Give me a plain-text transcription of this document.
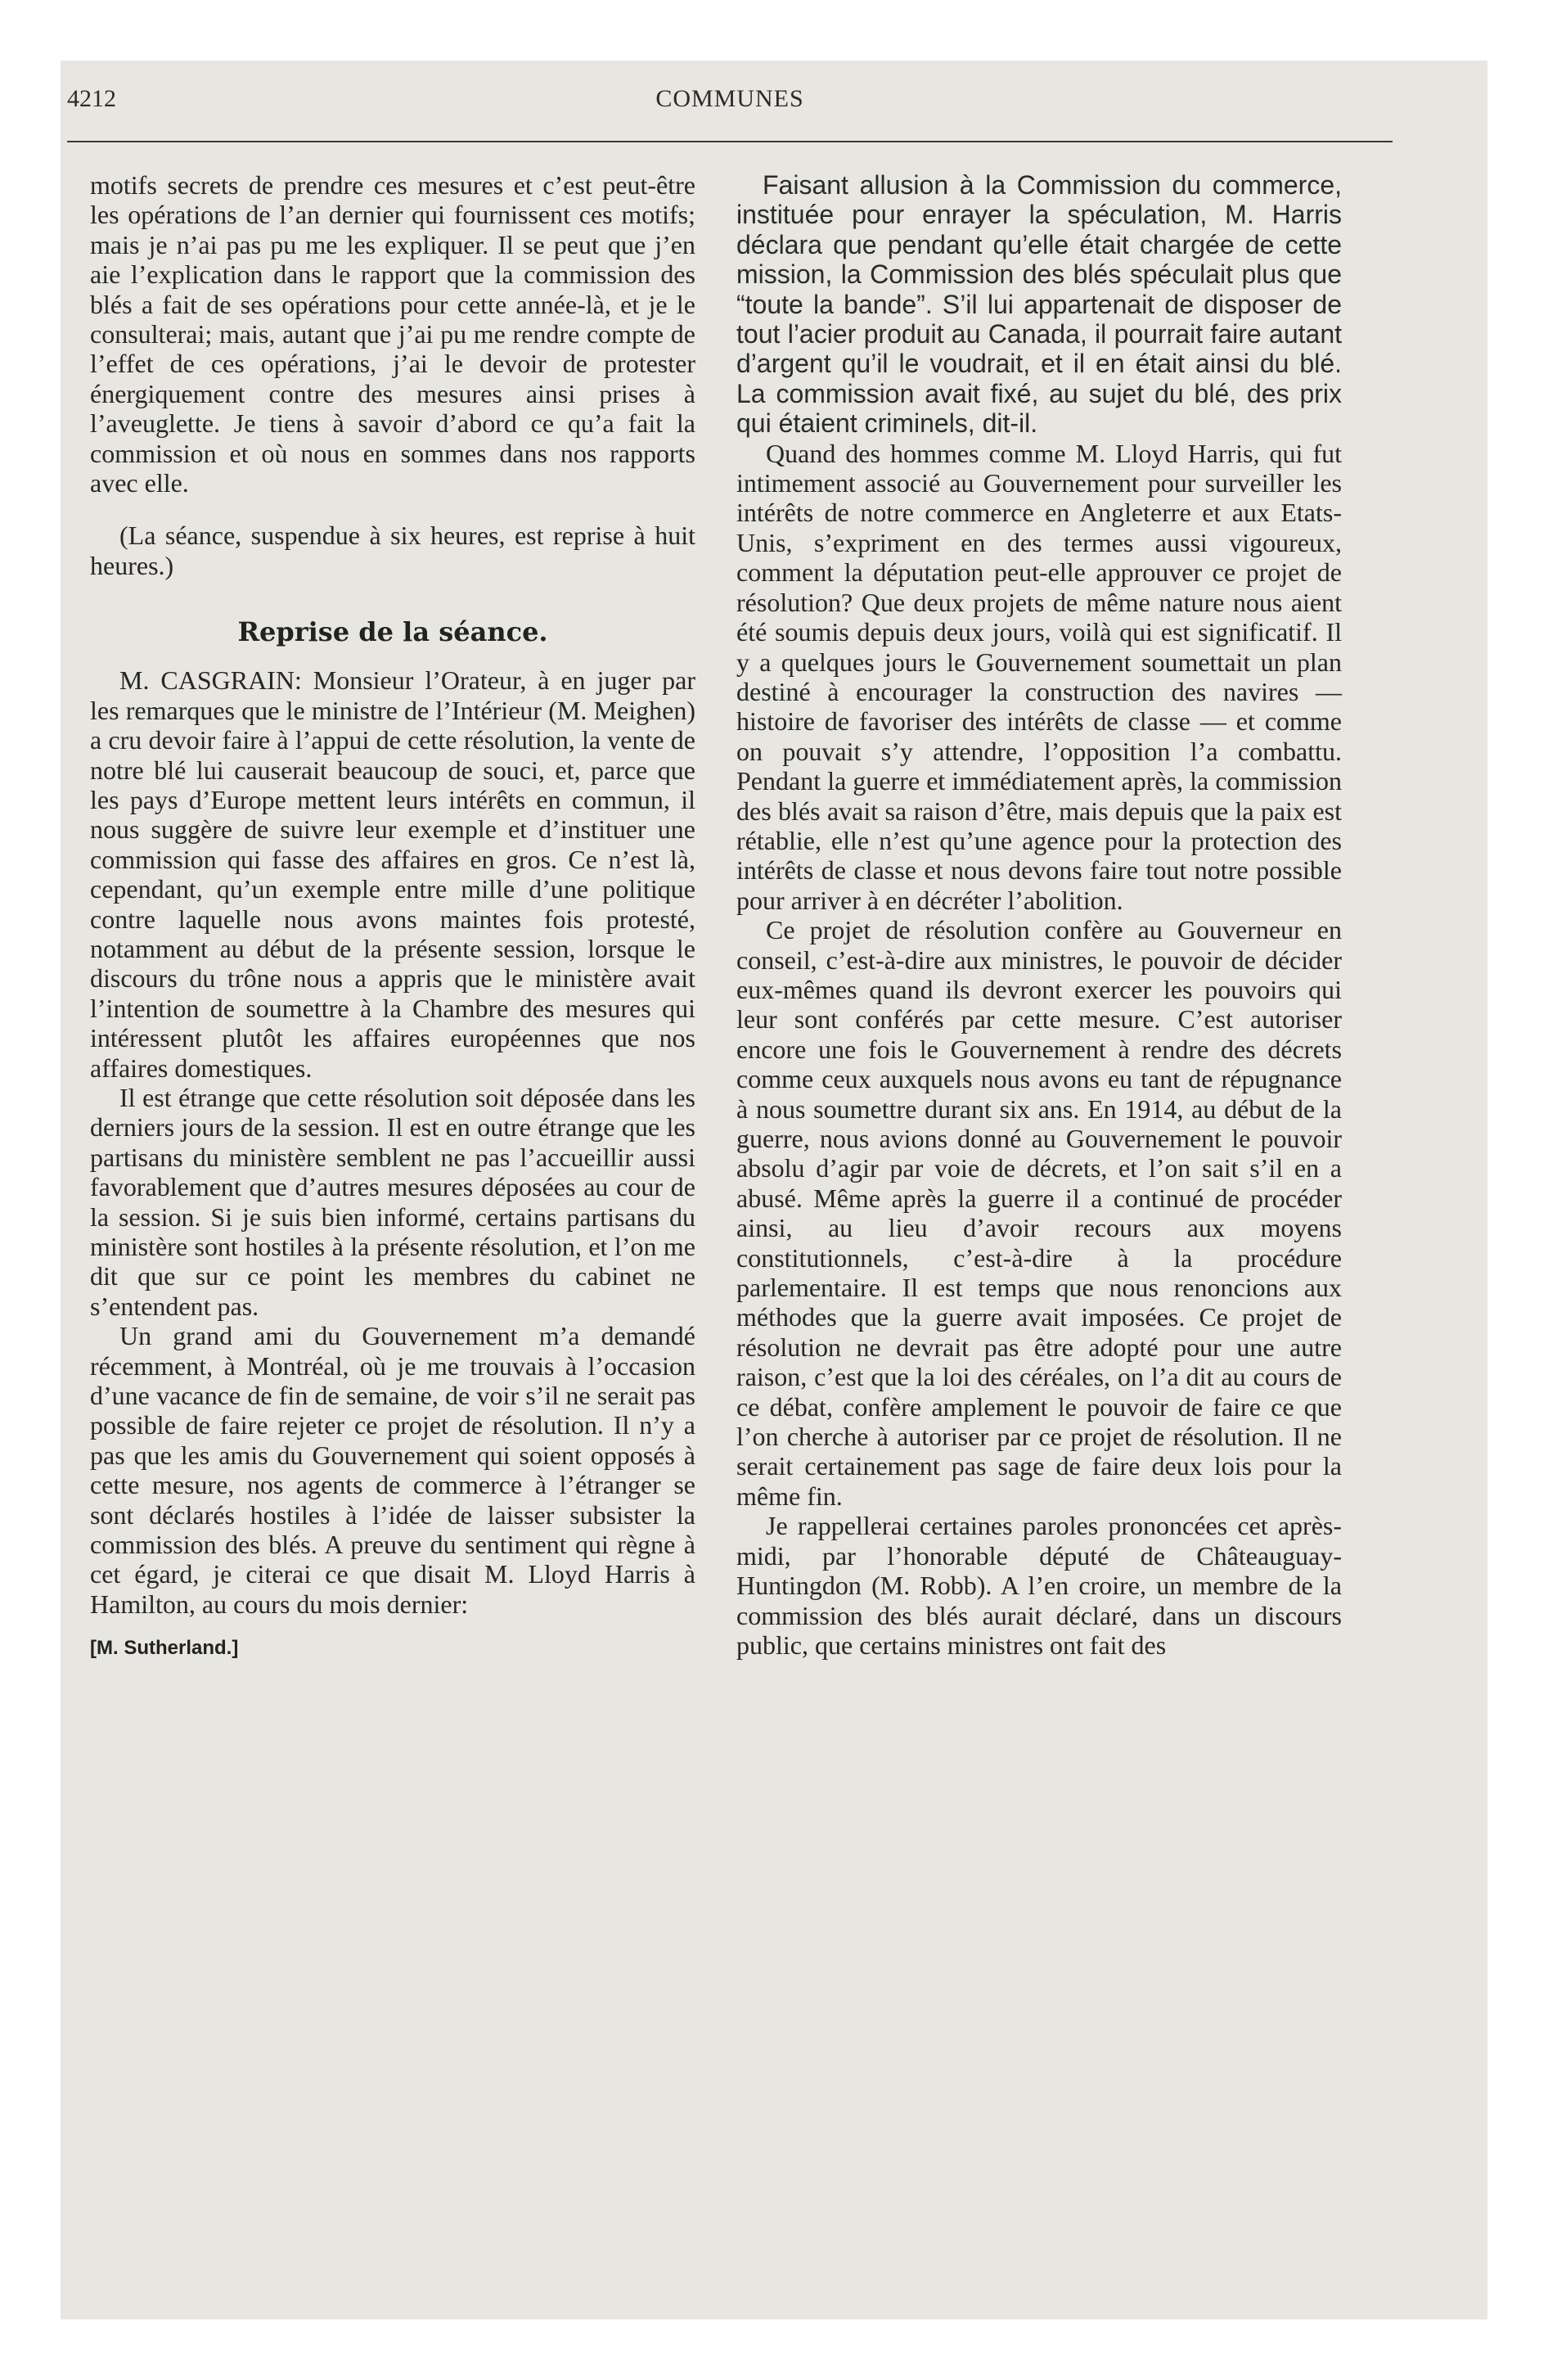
4212	COMMUNES

motifs secrets de prendre ces mesures et c’est peut-être les opérations de l’an dernier qui fournissent ces motifs; mais je n’ai pas pu me les expliquer. Il se peut que j’en aie l’explication dans le rapport que la commission des blés a fait de ses opérations pour cette année-là, et je le consulterai; mais, autant que j’ai pu me rendre compte de l’effet de ces opérations, j’ai le devoir de protester énergiquement contre des mesures ainsi prises à l’aveuglette. Je tiens à savoir d’abord ce qu’a fait la commission et où nous en sommes dans nos rapports avec elle.

(La séance, suspendue à six heures, est reprise à huit heures.)

Reprise de la séance.

M. CASGRAIN: Monsieur l’Orateur, à en juger par les remarques que le ministre de l’Intérieur (M. Meighen) a cru devoir faire à l’appui de cette résolution, la vente de notre blé lui causerait beaucoup de souci, et, parce que les pays d’Europe mettent leurs intérêts en commun, il nous suggère de suivre leur exemple et d’instituer une commission qui fasse des affaires en gros. Ce n’est là, cependant, qu’un exemple entre mille d’une politique contre laquelle nous avons maintes fois protesté, notamment au début de la présente session, lorsque le discours du trône nous a appris que le ministère avait l’intention de soumettre à la Chambre des mesures qui intéressent plutôt les affaires européennes que nos affaires domestiques.

Il est étrange que cette résolution soit déposée dans les derniers jours de la session. Il est en outre étrange que les partisans du ministère semblent ne pas l’accueillir aussi favorablement que d’autres mesures déposées au cour de la session. Si je suis bien informé, certains partisans du ministère sont hostiles à la présente résolution, et l’on me dit que sur ce point les membres du cabinet ne s’entendent pas.

Un grand ami du Gouvernement m’a demandé récemment, à Montréal, où je me trouvais à l’occasion d’une vacance de fin de semaine, de voir s’il ne serait pas possible de faire rejeter ce projet de résolution. Il n’y a pas que les amis du Gouvernement qui soient opposés à cette mesure, nos agents de commerce à l’étranger se sont déclarés hostiles à l’idée de laisser subsister la commission des blés. A preuve du sentiment qui règne à cet égard, je citerai ce que disait M. Lloyd Harris à Hamilton, au cours du mois dernier:

[M. Sutherland.]

Faisant allusion à la Commission du commerce, instituée pour enrayer la spéculation, M. Harris déclara que pendant qu’elle était chargée de cette mission, la Commission des blés spéculait plus que “toute la bande”. S’il lui appartenait de disposer de tout l’acier produit au Canada, il pourrait faire autant d’argent qu’il le voudrait, et il en était ainsi du blé. La commission avait fixé, au sujet du blé, des prix qui étaient criminels, dit-il.

Quand des hommes comme M. Lloyd Harris, qui fut intimement associé au Gouvernement pour surveiller les intérêts de notre commerce en Angleterre et aux Etats-Unis, s’expriment en des termes aussi vigoureux, comment la députation peut-elle approuver ce projet de résolution? Que deux projets de même nature nous aient été soumis depuis deux jours, voilà qui est significatif. Il y a quelques jours le Gouvernement soumettait un plan destiné à encourager la construction des navires — histoire de favoriser des intérêts de classe — et comme on pouvait s’y attendre, l’opposition l’a combattu. Pendant la guerre et immédiatement après, la commission des blés avait sa raison d’être, mais depuis que la paix est rétablie, elle n’est qu’une agence pour la protection des intérêts de classe et nous devons faire tout notre possible pour arriver à en décréter l’abolition.

Ce projet de résolution confère au Gouverneur en conseil, c’est-à-dire aux ministres, le pouvoir de décider eux-mêmes quand ils devront exercer les pouvoirs qui leur sont conférés par cette mesure. C’est autoriser encore une fois le Gouvernement à rendre des décrets comme ceux auxquels nous avons eu tant de répugnance à nous soumettre durant six ans. En 1914, au début de la guerre, nous avions donné au Gouvernement le pouvoir absolu d’agir par voie de décrets, et l’on sait s’il en a abusé. Même après la guerre il a continué de procéder ainsi, au lieu d’avoir recours aux moyens constitutionnels, c’est-à-dire à la procédure parlementaire. Il est temps que nous renoncions aux méthodes que la guerre avait imposées. Ce projet de résolution ne devrait pas être adopté pour une autre raison, c’est que la loi des céréales, on l’a dit au cours de ce débat, confère amplement le pouvoir de faire ce que l’on cherche à autoriser par ce projet de résolution. Il ne serait certainement pas sage de faire deux lois pour la même fin.

Je rappellerai certaines paroles prononcées cet après-midi, par l’honorable député de Châteauguay-Huntingdon (M. Robb). A l’en croire, un membre de la commission des blés aurait déclaré, dans un discours public, que certains ministres ont fait des
